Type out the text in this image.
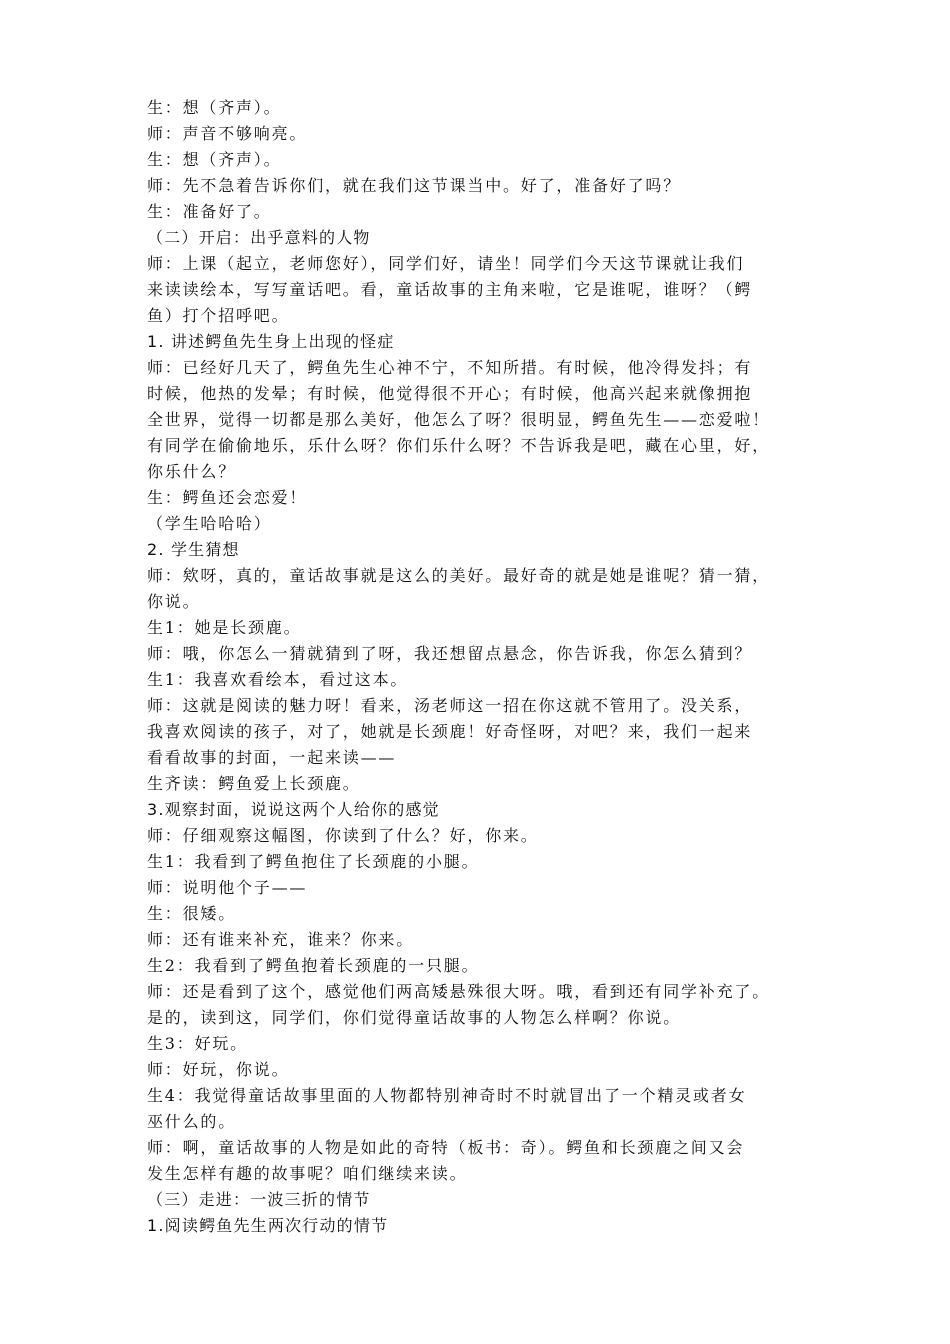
生：想（齐声）。
师：声音不够响亮。
生：想（齐声）。
师：先不急着告诉你们，就在我们这节课当中。好了，准备好了吗？
生：准备好了。
（二）开启：出乎意料的人物
师：上课（起立，老师您好），同学们好，请坐！同学们今天这节课就让我们
来读读绘本，写写童话吧。看，童话故事的主角来啦，它是谁呢，谁呀？（鳄
鱼）打个招呼吧。
1. 讲述鳄鱼先生身上出现的怪症
师：已经好几天了，鳄鱼先生心神不宁，不知所措。有时候，他冷得发抖；有
时候，他热的发晕；有时候，他觉得很不开心；有时候，他高兴起来就像拥抱
全世界，觉得一切都是那么美好，他怎么了呀？很明显，鳄鱼先生——恋爱啦！
有同学在偷偷地乐，乐什么呀？你们乐什么呀？不告诉我是吧，藏在心里，好，
你乐什么？
生：鳄鱼还会恋爱！
（学生哈哈哈）
2. 学生猜想
师：欸呀，真的，童话故事就是这么的美好。最好奇的就是她是谁呢？猜一猜，
你说。
生1：她是长颈鹿。
师：哦，你怎么一猜就猜到了呀，我还想留点悬念，你告诉我，你怎么猜到？
生1：我喜欢看绘本，看过这本。
师：这就是阅读的魅力呀！看来，汤老师这一招在你这就不管用了。没关系，
我喜欢阅读的孩子，对了，她就是长颈鹿！好奇怪呀，对吧？来，我们一起来
看看故事的封面，一起来读——
生齐读：鳄鱼爱上长颈鹿。
3.观察封面，说说这两个人给你的感觉
师：仔细观察这幅图，你读到了什么？好，你来。
生1：我看到了鳄鱼抱住了长颈鹿的小腿。
师：说明他个子——
生：很矮。
师：还有谁来补充，谁来？你来。
生2：我看到了鳄鱼抱着长颈鹿的一只腿。
师：还是看到了这个，感觉他们两高矮悬殊很大呀。哦，看到还有同学补充了。
是的，读到这，同学们，你们觉得童话故事的人物怎么样啊？你说。
生3：好玩。
师：好玩，你说。
生4：我觉得童话故事里面的人物都特别神奇时不时就冒出了一个精灵或者女
巫什么的。
师：啊，童话故事的人物是如此的奇特（板书：奇）。鳄鱼和长颈鹿之间又会
发生怎样有趣的故事呢？咱们继续来读。
（三）走进：一波三折的情节
1.阅读鳄鱼先生两次行动的情节
